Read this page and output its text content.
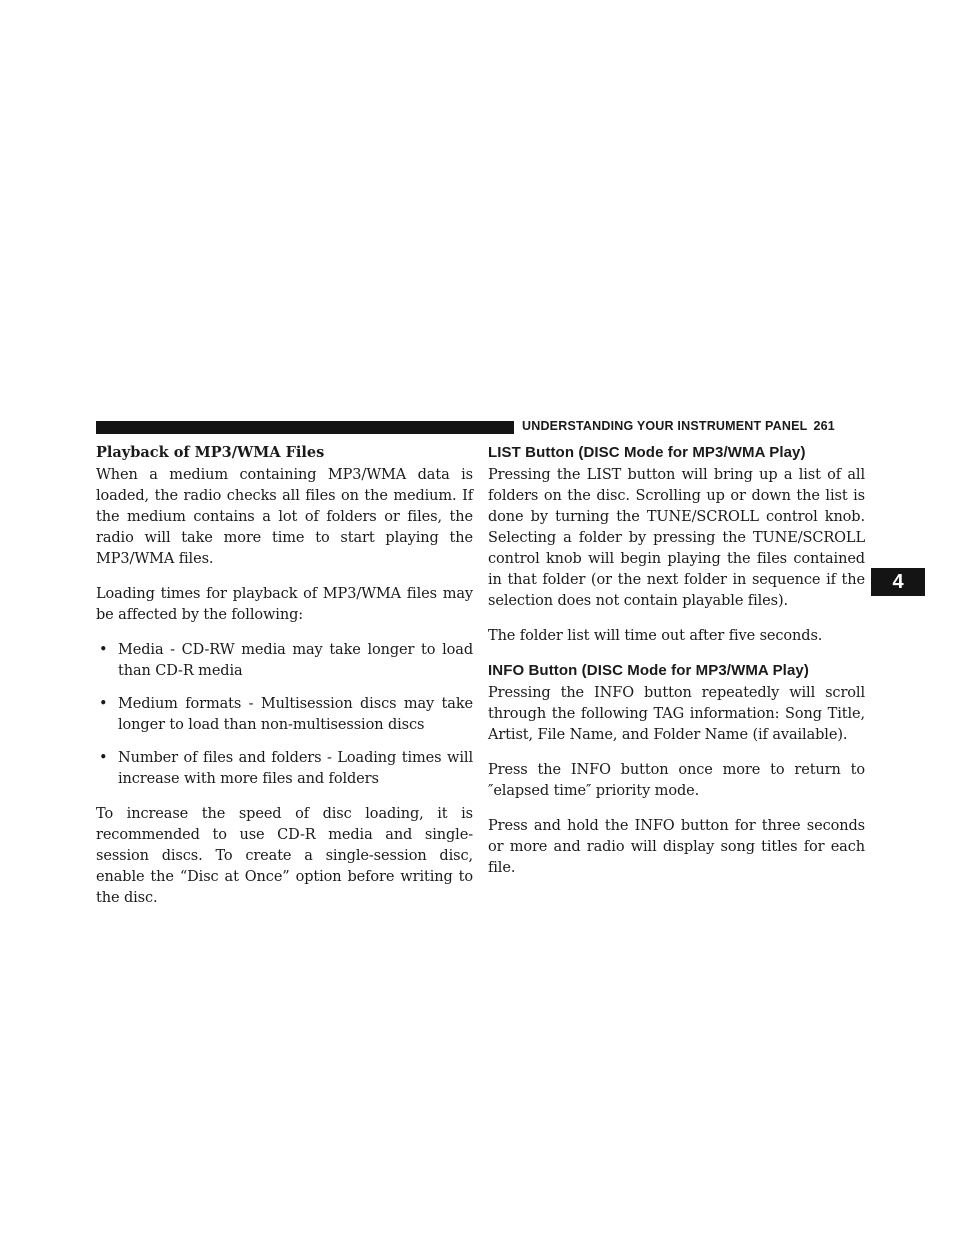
UNDERSTANDING YOUR INSTRUMENT PANEL 261
4
Playback of MP3/WMA Files

When a medium containing MP3/WMA data is loaded, the radio checks all files on the medium. If the medium contains a lot of folders or files, the radio will take more time to start playing the MP3/WMA files.

Loading times for playback of MP3/WMA files may be affected by the following:

• Media - CD-RW media may take longer to load than CD-R media
• Medium formats - Multisession discs may take longer to load than non-multisession discs
• Number of files and folders - Loading times will increase with more files and folders

To increase the speed of disc loading, it is recommended to use CD-R media and single-session discs. To create a single-session disc, enable the “Disc at Once” option before writing to the disc.

LIST Button (DISC Mode for MP3/WMA Play)

Pressing the LIST button will bring up a list of all folders on the disc. Scrolling up or down the list is done by turning the TUNE/SCROLL control knob. Selecting a folder by pressing the TUNE/SCROLL control knob will begin playing the files contained in that folder (or the next folder in sequence if the selection does not contain playable files).

The folder list will time out after five seconds.

INFO Button (DISC Mode for MP3/WMA Play)

Pressing the INFO button repeatedly will scroll through the following TAG information: Song Title, Artist, File Name, and Folder Name (if available).

Press the INFO button once more to return to ″elapsed time″ priority mode.

Press and hold the INFO button for three seconds or more and radio will display song titles for each file.
